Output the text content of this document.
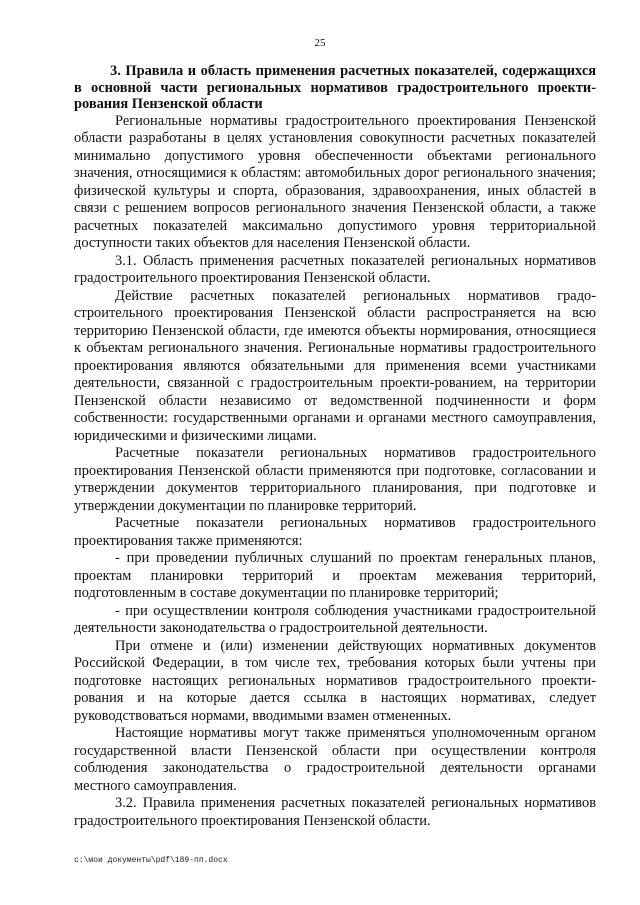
25

3. Правила и область применения расчетных показателей, содержащихся в основной части региональных нормативов градостроительного проекти-рования Пензенской области

Региональные нормативы градостроительного проектирования Пензенской области разработаны в целях установления совокупности расчетных показателей минимально допустимого уровня обеспеченности объектами регионального значения, относящимися к областям: автомобильных дорог регионального значения; физической культуры и спорта, образования, здравоохранения, иных областей в связи с решением вопросов регионального значения Пензенской области, а также расчетных показателей максимально допустимого уровня территориальной доступности таких объектов для населения Пензенской области.

3.1. Область применения расчетных показателей региональных нормативов градостроительного проектирования Пензенской области.

Действие расчетных показателей региональных нормативов градо-строительного проектирования Пензенской области распространяется на всю территорию Пензенской области, где имеются объекты нормирования, относящиеся к объектам регионального значения. Региональные нормативы градостроительного проектирования являются обязательными для применения всеми участниками деятельности, связанной с градостроительным проекти-рованием, на территории Пензенской области независимо от ведомственной подчиненности и форм собственности: государственными органами и органами местного самоуправления, юридическими и физическими лицами.

Расчетные показатели региональных нормативов градостроительного проектирования Пензенской области применяются при подготовке, согласовании и утверждении документов территориального планирования, при подготовке и утверждении документации по планировке территорий.

Расчетные показатели региональных нормативов градостроительного проектирования также применяются:

- при проведении публичных слушаний по проектам генеральных планов, проектам планировки территорий и проектам межевания территорий, подготовленным в составе документации по планировке территорий;

- при осуществлении контроля соблюдения участниками градостроительной деятельности законодательства о градостроительной деятельности.

При отмене и (или) изменении действующих нормативных документов Российской Федерации, в том числе тех, требования которых были учтены при подготовке настоящих региональных нормативов градостроительного проекти-рования и на которые дается ссылка в настоящих нормативах, следует руководствоваться нормами, вводимыми взамен отмененных.

Настоящие нормативы могут также применяться уполномоченным органом государственной власти Пензенской области при осуществлении контроля соблюдения законодательства о градостроительной деятельности органами местного самоуправления.

3.2. Правила применения расчетных показателей региональных нормативов градостроительного проектирования Пензенской области.

c:\мои документы\pdf\189-пп.docx
